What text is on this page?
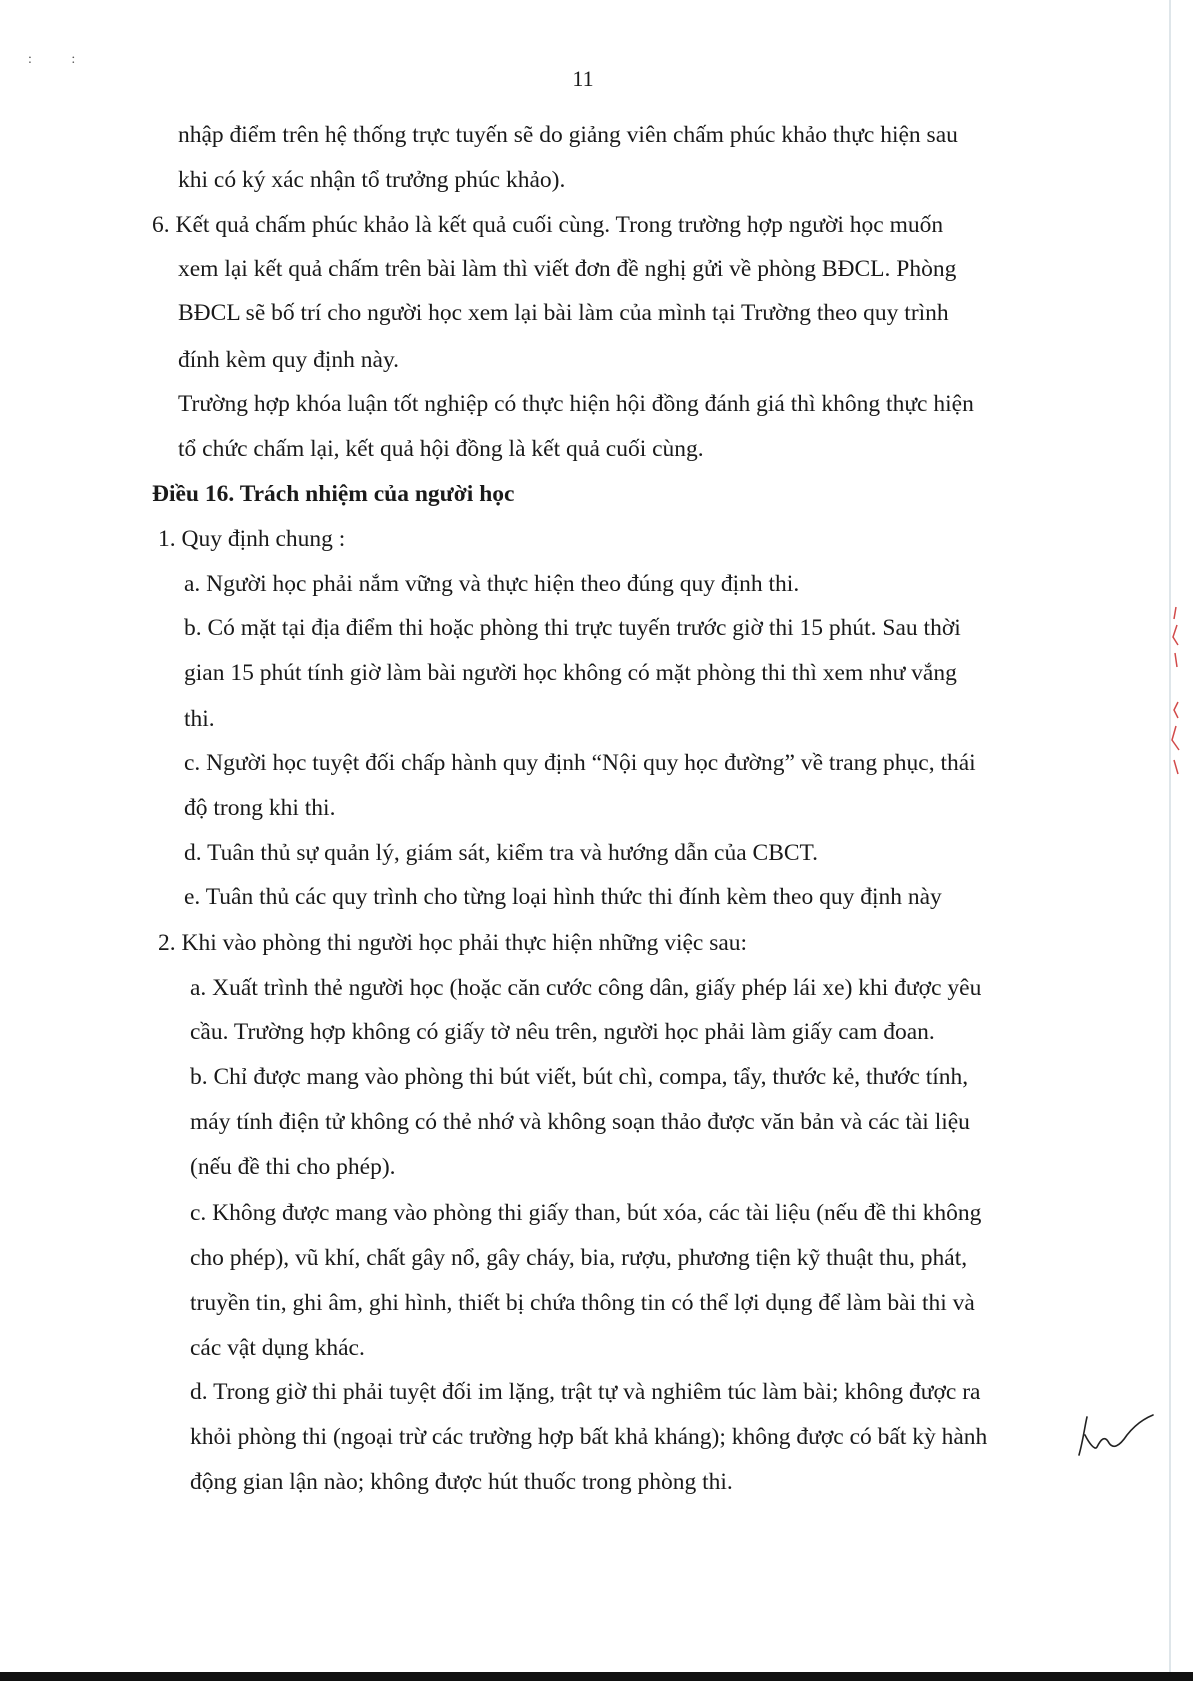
: :
11
nhập điểm trên hệ thống trực tuyến sẽ do giảng viên chấm phúc khảo thực hiện sau
khi có ký xác nhận tổ trưởng phúc khảo).
6. Kết quả chấm phúc khảo là kết quả cuối cùng. Trong trường hợp người học muốn
xem lại kết quả chấm trên bài làm thì viết đơn đề nghị gửi về phòng BĐCL. Phòng
BĐCL sẽ bố trí cho người học xem lại bài làm của mình tại Trường theo quy trình
đính kèm quy định này.
Trường hợp khóa luận tốt nghiệp có thực hiện hội đồng đánh giá thì không thực hiện
tổ chức chấm lại, kết quả hội đồng là kết quả cuối cùng.
Điều 16. Trách nhiệm của người học
1. Quy định chung :
a. Người học phải nắm vững và thực hiện theo đúng quy định thi.
b. Có mặt tại địa điểm thi hoặc phòng thi trực tuyến trước giờ thi 15 phút. Sau thời
gian 15 phút tính giờ làm bài người học không có mặt phòng thi thì xem như vắng
thi.
c. Người học tuyệt đối chấp hành quy định “Nội quy học đường” về trang phục, thái
độ trong khi thi.
d. Tuân thủ sự quản lý, giám sát, kiểm tra và hướng dẫn của CBCT.
e. Tuân thủ các quy trình cho từng loại hình thức thi đính kèm theo quy định này
2. Khi vào phòng thi người học phải thực hiện những việc sau:
a. Xuất trình thẻ người học (hoặc căn cước công dân, giấy phép lái xe) khi được yêu
cầu. Trường hợp không có giấy tờ nêu trên, người học phải làm giấy cam đoan.
b. Chỉ được mang vào phòng thi bút viết, bút chì, compa, tẩy, thước kẻ, thước tính,
máy tính điện tử không có thẻ nhớ và không soạn thảo được văn bản và các tài liệu
(nếu đề thi cho phép).
c. Không được mang vào phòng thi giấy than, bút xóa, các tài liệu (nếu đề thi không
cho phép), vũ khí, chất gây nổ, gây cháy, bia, rượu, phương tiện kỹ thuật thu, phát,
truyền tin, ghi âm, ghi hình, thiết bị chứa thông tin có thể lợi dụng để làm bài thi và
các vật dụng khác.
d. Trong giờ thi phải tuyệt đối im lặng, trật tự và nghiêm túc làm bài; không được ra
khỏi phòng thi (ngoại trừ các trường hợp bất khả kháng); không được có bất kỳ hành
động gian lận nào; không được hút thuốc trong phòng thi.
